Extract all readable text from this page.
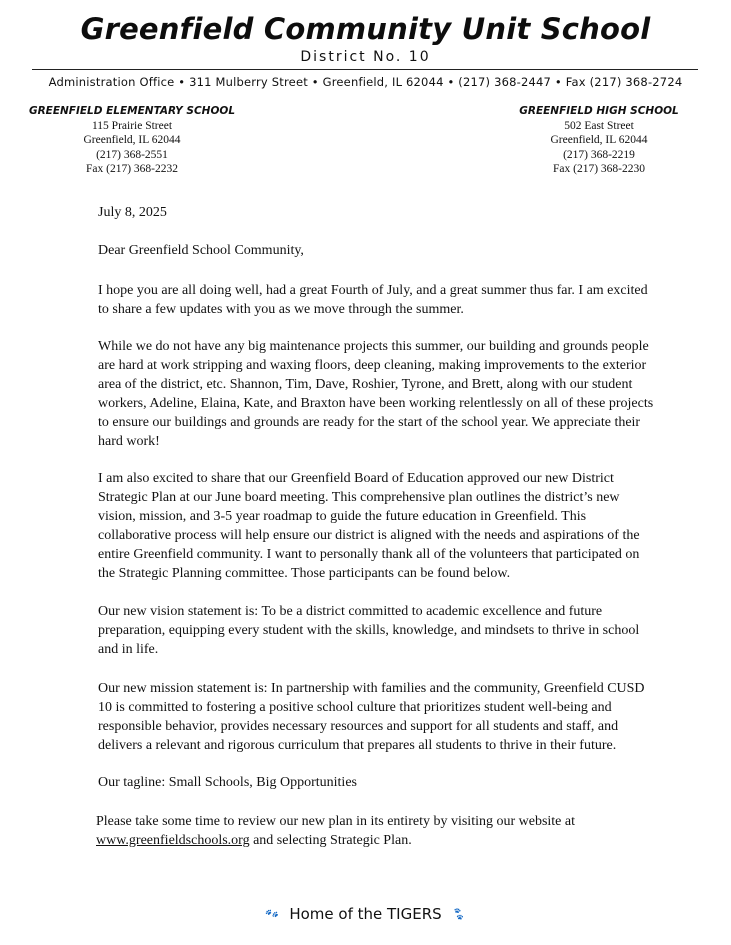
Greenfield Community Unit School
District No. 10
Administration Office • 311 Mulberry Street • Greenfield, IL 62044 • (217) 368-2447 • Fax (217) 368-2724
GREENFIELD ELEMENTARY SCHOOL
115 Prairie Street
Greenfield, IL 62044
(217) 368-2551
Fax (217) 368-2232
GREENFIELD HIGH SCHOOL
502 East Street
Greenfield, IL 62044
(217) 368-2219
Fax (217) 368-2230
July 8, 2025
Dear Greenfield School Community,

I hope you are all doing well, had a great Fourth of July, and a great summer thus far. I am excited to share a few updates with you as we move through the summer.

While we do not have any big maintenance projects this summer, our building and grounds people are hard at work stripping and waxing floors, deep cleaning, making improvements to the exterior area of the district, etc. Shannon, Tim, Dave, Roshier, Tyrone, and Brett, along with our student workers, Adeline, Elaina, Kate, and Braxton have been working relentlessly on all of these projects to ensure our buildings and grounds are ready for the start of the school year. We appreciate their hard work!

I am also excited to share that our Greenfield Board of Education approved our new District Strategic Plan at our June board meeting. This comprehensive plan outlines the district’s new vision, mission, and 3-5 year roadmap to guide the future education in Greenfield. This collaborative process will help ensure our district is aligned with the needs and aspirations of the entire Greenfield community. I want to personally thank all of the volunteers that participated on the Strategic Planning committee. Those participants can be found below.

Our new vision statement is: To be a district committed to academic excellence and future preparation, equipping every student with the skills, knowledge, and mindsets to thrive in school and in life.

Our new mission statement is: In partnership with families and the community, Greenfield CUSD 10 is committed to fostering a positive school culture that prioritizes student well-being and responsible behavior, provides necessary resources and support for all students and staff, and delivers a relevant and rigorous curriculum that prepares all students to thrive in their future.

Our tagline: Small Schools, Big Opportunities

Please take some time to review our new plan in its entirety by visiting our website at
www.greenfieldschools.org and selecting Strategic Plan.

🐾 Home of the TIGERS 🐾
